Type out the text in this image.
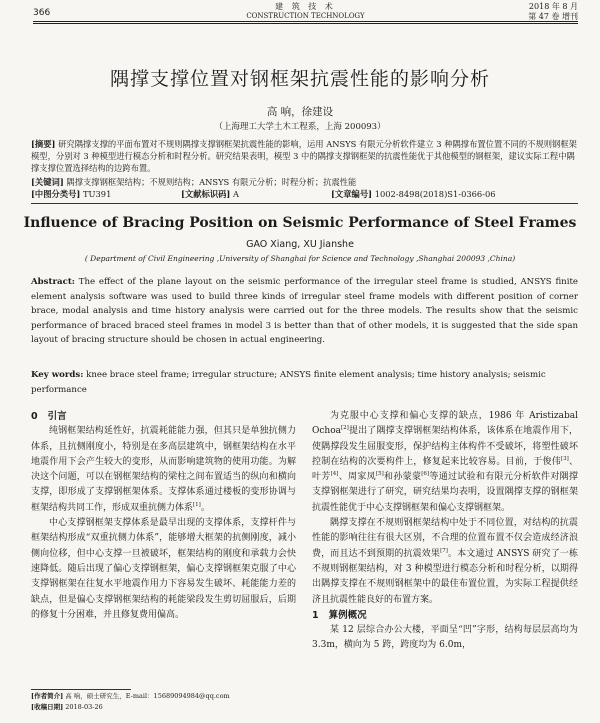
366
建 筑 技 术
CONSTRUCTION TECHNOLOGY
2018 年 8 月
第 47 卷 增刊
隅撑支撑位置对钢框架抗震性能的影响分析
高 响，徐建设
（上海理工大学土木工程系，上海 200093）
[摘要] 研究隅撑支撑的平面布置对不规则隅撑支撑钢框架抗震性能的影响，运用 ANSYS 有限元分析软件建立 3 种隅撑布置位置不同的不规则钢框架模型，分别对 3 种模型进行模态分析和时程分析。研究结果表明，模型 3 中的隅撑支撑钢框架的抗震性能优于其他模型的钢框架，建议实际工程中隅撑支撑位置选择结构的边跨布置。
[关键词] 隅撑支撑钢框架结构；不规则结构；ANSYS 有限元分析；时程分析；抗震性能
[中图分类号] TU391	[文献标识码] A	[文章编号] 1002-8498(2018)S1-0366-06
Influence of Bracing Position on Seismic Performance of Steel Frames
GAO Xiang, XU Jianshe
( Department of Civil Engineering ,University of Shanghai for Science and Technology ,Shanghai 200093 ,China)
Abstract: The effect of the plane layout on the seismic performance of the irregular steel frame is studied, ANSYS finite element analysis software was used to build three kinds of irregular steel frame models with different position of corner brace, modal analysis and time history analysis were carried out for the three models. The results show that the seismic performance of braced braced steel frames in model 3 is better than that of other models, it is suggested that the side span layout of bracing structure should be chosen in actual engineering.
Key words: knee brace steel frame; irregular structure; ANSYS finite element analysis; time history analysis; seismic performance
0 引言

纯钢框架结构延性好，抗震耗能能力强，但其只是单独抗侧力体系，且抗侧刚度小，特别是在多高层建筑中，钢框架结构在水平地震作用下会产生较大的变形，从而影响建筑物的使用功能。为解决这个问题，可以在钢框架结构的梁柱之间布置适当的纵向和横向支撑，即形成了支撑钢框架体系。支撑体系通过楼板的变形协调与框架结构共同工作，形成双重抗侧力体系[1]。

中心支撑钢框架支撑体系是最早出现的支撑体系，支撑杆件与框架结构形成“双重抗侧力体系”，能够增大框架的抗侧刚度，减小侧向位移，但中心支撑一旦被破坏，框架结构的刚度和承载力会快速降低。随后出现了偏心支撑钢框架，偏心支撑钢框架克服了中心支撑钢框架在往复水平地震作用力下容易发生破坏、耗能能力差的缺点，但是偏心支撑钢框架结构的耗能梁段发生剪切屈服后，后期的修复十分困难，并且修复费用偏高。

为克服中心支撑和偏心支撑的缺点，1986 年 Aristizabal Ochoa[2]提出了隅撑支撑钢框架结构体系，该体系在地震作用下，使隅撑段发生屈服变形，保护结构主体构件不受破坏，将塑性破坏控制在结构的次要构件上，修复起来比较容易。目前，于俊伟[3]、叶芳[4]、周家凤[5]和孙蒙蒙[6]等通过试验和有限元分析软件对隅撑支撑钢框架进行了研究，研究结果均表明，设置隅撑支撑的钢框架抗震性能优于中心支撑钢框架和偏心支撑钢框架。

隅撑支撑在不规则钢框架结构中处于不同位置，对结构的抗震性能的影响往往有很大区别，不合理的位置布置不仅会造成经济浪费，而且达不到预期的抗震效果[7]。本文通过 ANSYS 研究了一栋不规则钢框架结构，对 3 种模型进行模态分析和时程分析，以期得出隅撑支撑在不规则钢框架中的最佳布置位置，为实际工程提供经济且抗震性能良好的布置方案。

1 算例概况

某 12 层综合办公大楼，平面呈“凹”字形，结构每层层高均为 3.3m，横向为 5 跨，跨度均为 6.0m，

[作者简介] 高 响，硕士研究生，E-mail：15689094984@qq.com
[收稿日期] 2018-03-26
